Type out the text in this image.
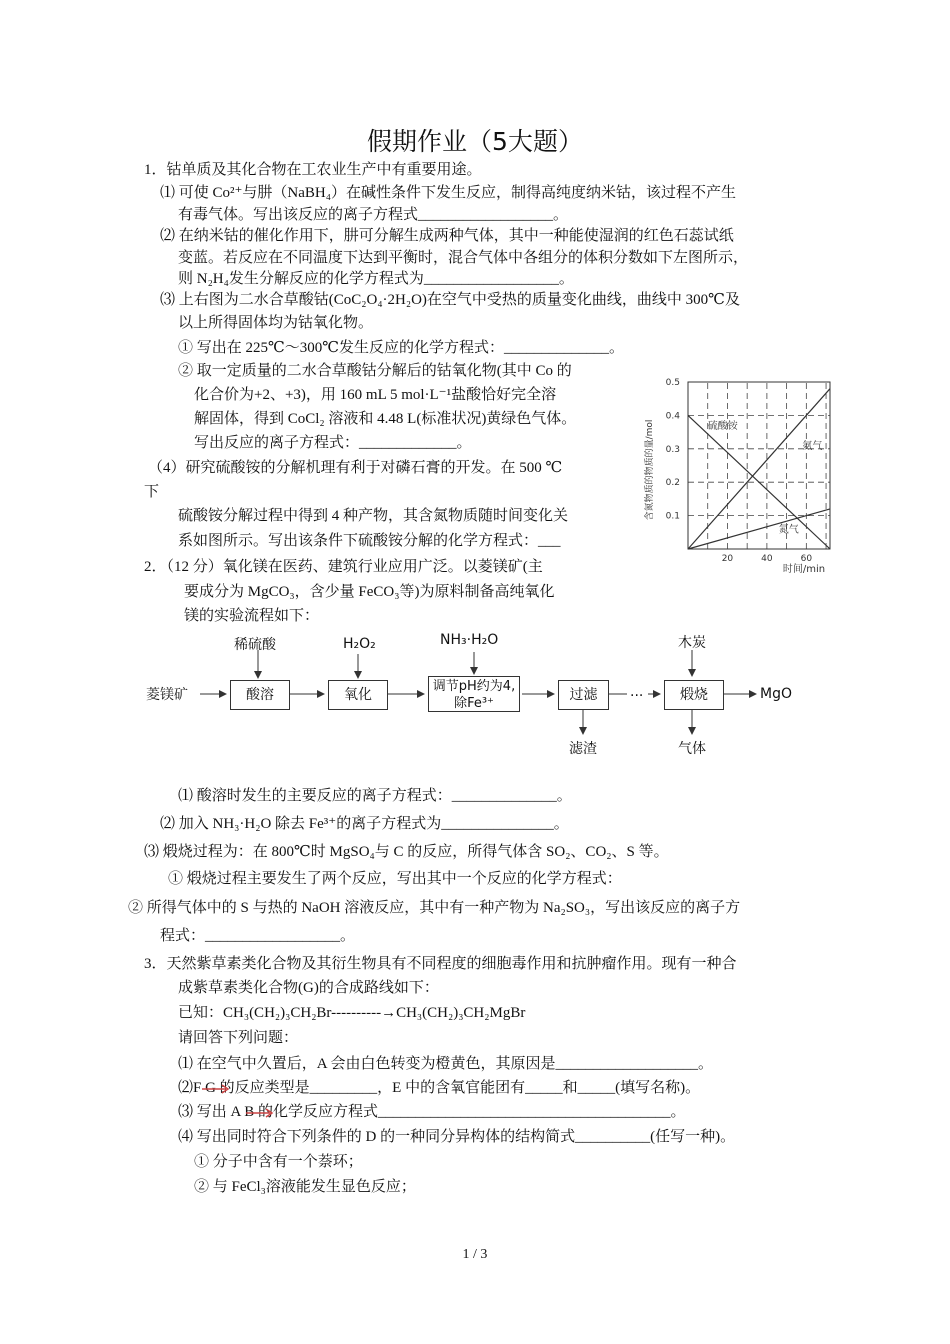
假期作业（5大题）
1．钴单质及其化合物在工农业生产中有重要用途。
⑴ 可使 Co²⁺与肼（NaBH₄）在碱性条件下发生反应，制得高纯度纳米钴，该过程不产生
有毒气体。写出该反应的离子方程式__________________。
⑵ 在纳米钴的催化作用下，肼可分解生成两种气体，其中一种能使湿润的红色石蕊试纸
变蓝。若反应在不同温度下达到平衡时，混合气体中各组分的体积分数如下左图所示，
则 N₂H₄发生分解反应的化学方程式为__________________。
⑶ 上右图为二水合草酸钴(CoC₂O₄·2H₂O)在空气中受热的质量变化曲线，曲线中 300℃及
以上所得固体均为钴氧化物。
① 写出在 225℃～300℃发生反应的化学方程式：______________。
② 取一定质量的二水合草酸钴分解后的钴氧化物(其中 Co 的
化合价为+2、+3)，用 160 mL 5 mol·L⁻¹盐酸恰好完全溶
解固体，得到 CoCl₂ 溶液和 4.48 L(标准状况)黄绿色气体。
写出反应的离子方程式：_____________。
（4）研究硫酸铵的分解机理有利于对磷石膏的开发。在 500 ℃
下
硫酸铵分解过程中得到 4 种产物，其含氮物质随时间变化关
系如图所示。写出该条件下硫酸铵分解的化学方程式：___
2．（12 分）氧化镁在医药、建筑行业应用广泛。以菱镁矿(主
要成分为 MgCO₃，含少量 FeCO₃等)为原料制备高纯氧化
镁的实验流程如下：
硫酸铵
氨气
氮气
0.1
0.2
0.3
0.4
0.5
20	40	60
含氮物质的物质的量/mol
时间/min
菱镁矿	酸溶	氧化
调节pH约为4,除Fe³⁺
过滤	...	煅烧
稀硫酸	H₂O₂	NH₃·H₂O	木炭
滤渣	气体
MgO
⑴ 酸溶时发生的主要反应的离子方程式：______________。
⑵ 加入 NH₃·H₂O 除去 Fe³⁺的离子方程式为_______________。
⑶ 煅烧过程为：在 800℃时 MgSO₄与 C 的反应，所得气体含 SO₂、CO₂、S 等。
① 煅烧过程主要发生了两个反应，写出其中一个反应的化学方程式：
② 所得气体中的 S 与热的 NaOH 溶液反应，其中有一种产物为 Na₂SO₃，写出该反应的离子方
程式：__________________。
3．天然紫草素类化合物及其衍生物具有不同程度的细胞毒作用和抗肿瘤作用。现有一种合
成紫草素类化合物(G)的合成路线如下：
已知：CH₃(CH₂)₃CH₂Br----------→CH₃(CH₂)₃CH₂MgBr
请回答下列问题：
⑴ 在空气中久置后，A 会由白色转变为橙黄色，其原因是___________________。
⑵F G 的反应类型是_________，E 中的含氧官能团有_____和_____(填写名称)。
⑶ 写出 A B 的化学反应方程式_______________________________________。
⑷ 写出同时符合下列条件的 D 的一种同分异构体的结构简式__________(任写一种)。
① 分子中含有一个萘环；
② 与 FeCl₃溶液能发生显色反应；
1 / 3
